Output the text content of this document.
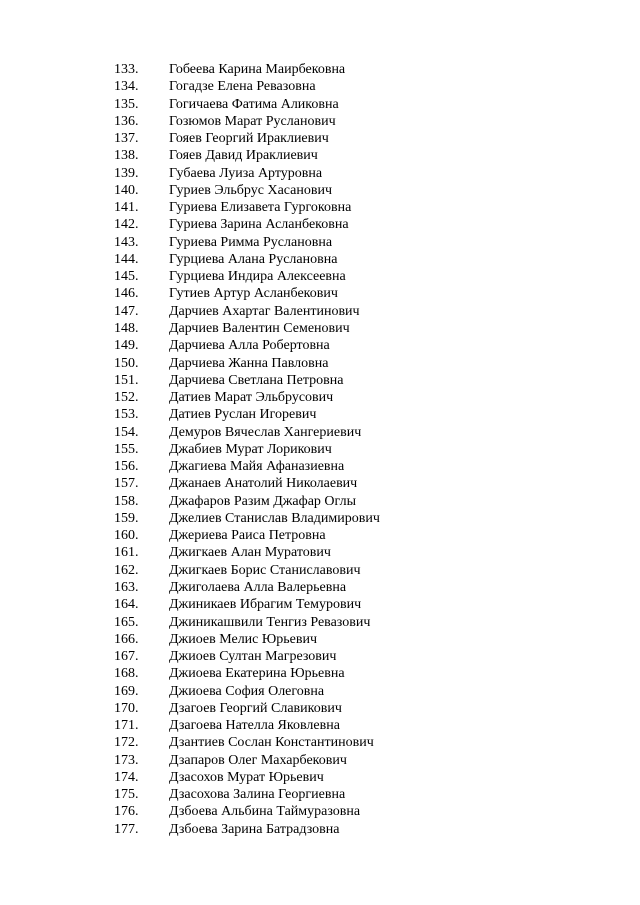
133. Гобеева Карина Маирбековна
134. Гогадзе Елена Ревазовна
135. Гогичаева Фатима Аликовна
136. Гозюмов Марат Русланович
137. Гояев Георгий Ираклиевич
138. Гояев Давид Ираклиевич
139. Губаева Луиза Артуровна
140. Гуриев Эльбрус Хасанович
141. Гуриева Елизавета Гургоковна
142. Гуриева Зарина Асланбековна
143. Гуриева Римма Руслановна
144. Гурциева Алана Руслановна
145. Гурциева Индира Алексеевна
146. Гутиев Артур Асланбекович
147. Дарчиев Ахартаг Валентинович
148. Дарчиев Валентин Семенович
149. Дарчиева Алла Робертовна
150. Дарчиева Жанна Павловна
151. Дарчиева Светлана Петровна
152. Датиев Марат Эльбрусович
153. Датиев Руслан Игоревич
154. Демуров Вячеслав Хангериевич
155. Джабиев Мурат Лорикович
156. Джагиева Майя Афаназиевна
157. Джанаев Анатолий Николаевич
158. Джафаров Разим Джафар Оглы
159. Джелиев Станислав Владимирович
160. Джериева Раиса Петровна
161. Джигкаев Алан Муратович
162. Джигкаев Борис Станиславович
163. Джиголаева Алла Валерьевна
164. Джиникаев Ибрагим Темурович
165. Джиникашвили Тенгиз Ревазович
166. Джиоев Мелис Юрьевич
167. Джиоев Султан Магрезович
168. Джиоева Екатерина Юрьевна
169. Джиоева София Олеговна
170. Дзагоев Георгий Славикович
171. Дзагоева Нателла Яковлевна
172. Дзантиев Сослан Константинович
173. Дзапаров Олег Махарбекович
174. Дзасохов Мурат Юрьевич
175. Дзасохова Залина Георгиевна
176. Дзбоева Альбина Таймуразовна
177. Дзбоева Зарина Батрадзовна
